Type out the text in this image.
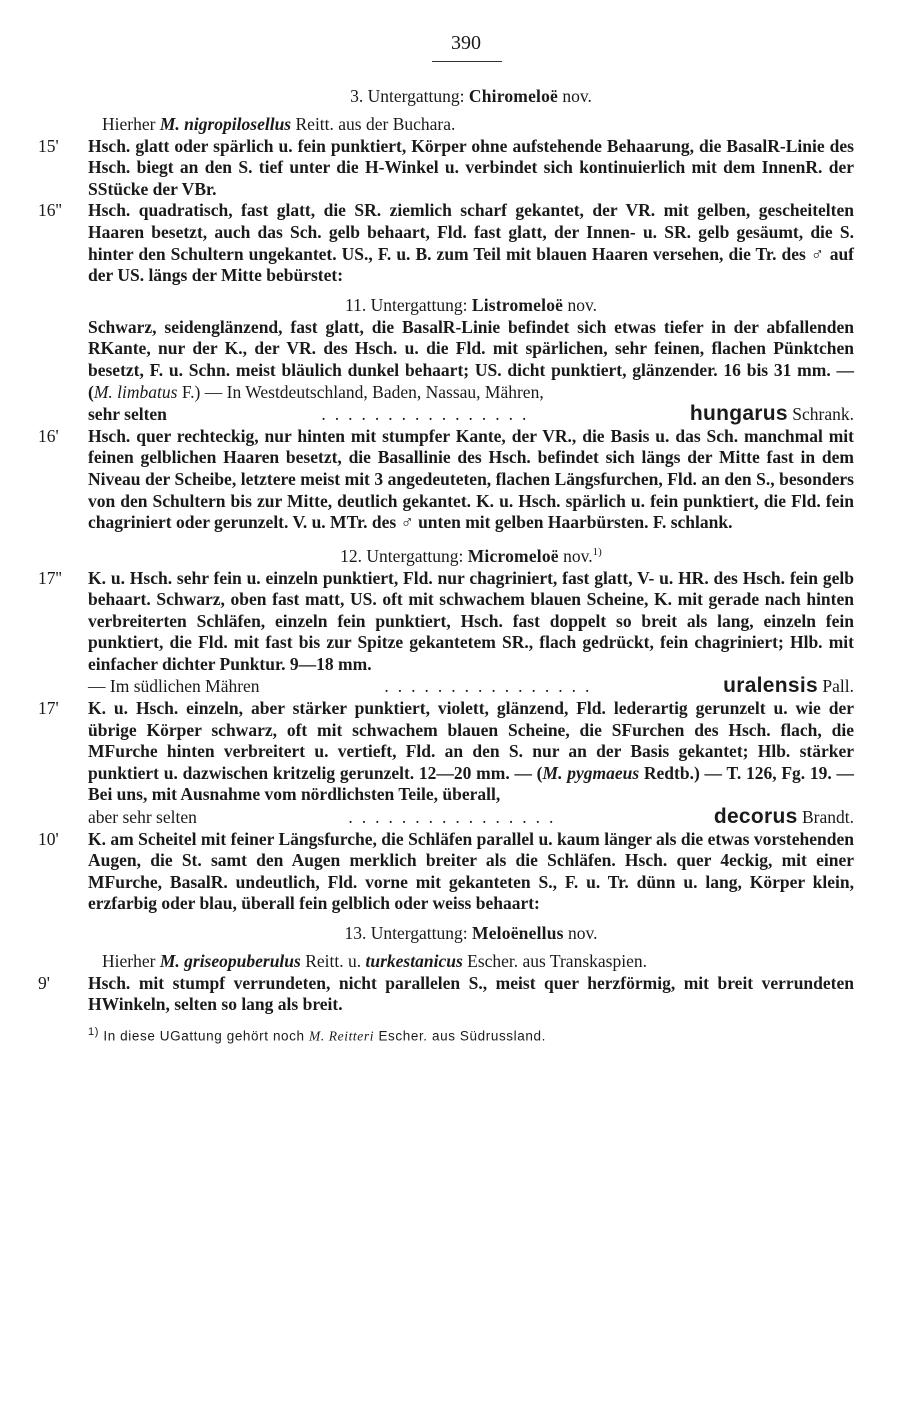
390
3. Untergattung: Chiromeloë nov.

Hierher M. nigropilosellus Reitt. aus der Buchara.

15' Hsch. glatt oder spärlich u. fein punktiert, Körper ohne aufstehende Behaarung, die BasalR-Linie des Hsch. biegt an den S. tief unter die H-Winkel u. verbindet sich kontinuierlich mit dem InnenR. der SStücke der VBr.

16'' Hsch. quadratisch, fast glatt, die SR. ziemlich scharf gekantet, der VR. mit gelben, gescheitelten Haaren besetzt, auch das Sch. gelb behaart, Fld. fast glatt, der Innen- u. SR. gelb gesäumt, die S. hinter den Schultern ungekantet. US., F. u. B. zum Teil mit blauen Haaren versehen, die Tr. des ♂ auf der US. längs der Mitte bebürstet:

11. Untergattung: Listromeloë nov.

Schwarz, seidenglänzend, fast glatt, die BasalR-Linie befindet sich etwas tiefer in der abfallenden RKante, nur der K., der VR. des Hsch. u. die Fld. mit spärlichen, sehr feinen, flachen Pünktchen besetzt, F. u. Schn. meist bläulich dunkel behaart; US. dicht punktiert, glänzender. 16 bis 31 mm. — (M. limbatus F.) — In Westdeutschland, Baden, Nassau, Mähren,

sehr selten	................	hungarus Schrank.

16' Hsch. quer rechteckig, nur hinten mit stumpfer Kante, der VR., die Basis u. das Sch. manchmal mit feinen gelblichen Haaren besetzt, die Basallinie des Hsch. befindet sich längs der Mitte fast in dem Niveau der Scheibe, letztere meist mit 3 angedeuteten, flachen Längsfurchen, Fld. an den S., besonders von den Schultern bis zur Mitte, deutlich gekantet. K. u. Hsch. spärlich u. fein punktiert, die Fld. fein chagriniert oder gerunzelt. V. u. MTr. des ♂ unten mit gelben Haarbürsten. F. schlank.

12. Untergattung: Micromeloë nov.$^{1)}$
17'' K. u. Hsch. sehr fein u. einzeln punktiert, Fld. nur chagriniert, fast glatt, V- u. HR. des Hsch. fein gelb behaart. Schwarz, oben fast matt, US. oft mit schwachem blauen Scheine, K. mit gerade nach hinten verbreiterten Schläfen, einzeln fein punktiert, Hsch. fast doppelt so breit als lang, einzeln fein punktiert, die Fld. mit fast bis zur Spitze gekantetem SR., flach gedrückt, fein chagriniert; Hlb. mit einfacher dichter Punktur. 9—18 mm.

— Im südlichen Mähren	................	uralensis Pall.

17' K. u. Hsch. einzeln, aber stärker punktiert, violett, glänzend, Fld. lederartig gerunzelt u. wie der übrige Körper schwarz, oft mit schwachem blauen Scheine, die SFurchen des Hsch. flach, die MFurche hinten verbreitert u. vertieft, Fld. an den S. nur an der Basis gekantet; Hlb. stärker punktiert u. dazwischen kritzelig gerunzelt. 12—20 mm. — (M. pygmaeus Redtb.) — T. 126, Fg. 19. — Bei uns, mit Ausnahme vom nördlichsten Teile, überall,

aber sehr selten	................	decorus Brandt.

10' K. am Scheitel mit feiner Längsfurche, die Schläfen parallel u. kaum länger als die etwas vorstehenden Augen, die St. samt den Augen merklich breiter als die Schläfen. Hsch. quer 4eckig, mit einer MFurche, BasalR. undeutlich, Fld. vorne mit gekanteten S., F. u. Tr. dünn u. lang, Körper klein, erzfarbig oder blau, überall fein gelblich oder weiss behaart:

13. Untergattung: Meloënellus nov.

Hierher M. griseopuberulus Reitt. u. turkestanicus Escher. aus Transkaspien.

9' Hsch. mit stumpf verrundeten, nicht parallelen S., meist quer herzförmig, mit breit verrundeten HWinkeln, selten so lang als breit.

$^{1)}$ In diese UGattung gehört noch M. Reitteri Escher. aus Südrussland.
